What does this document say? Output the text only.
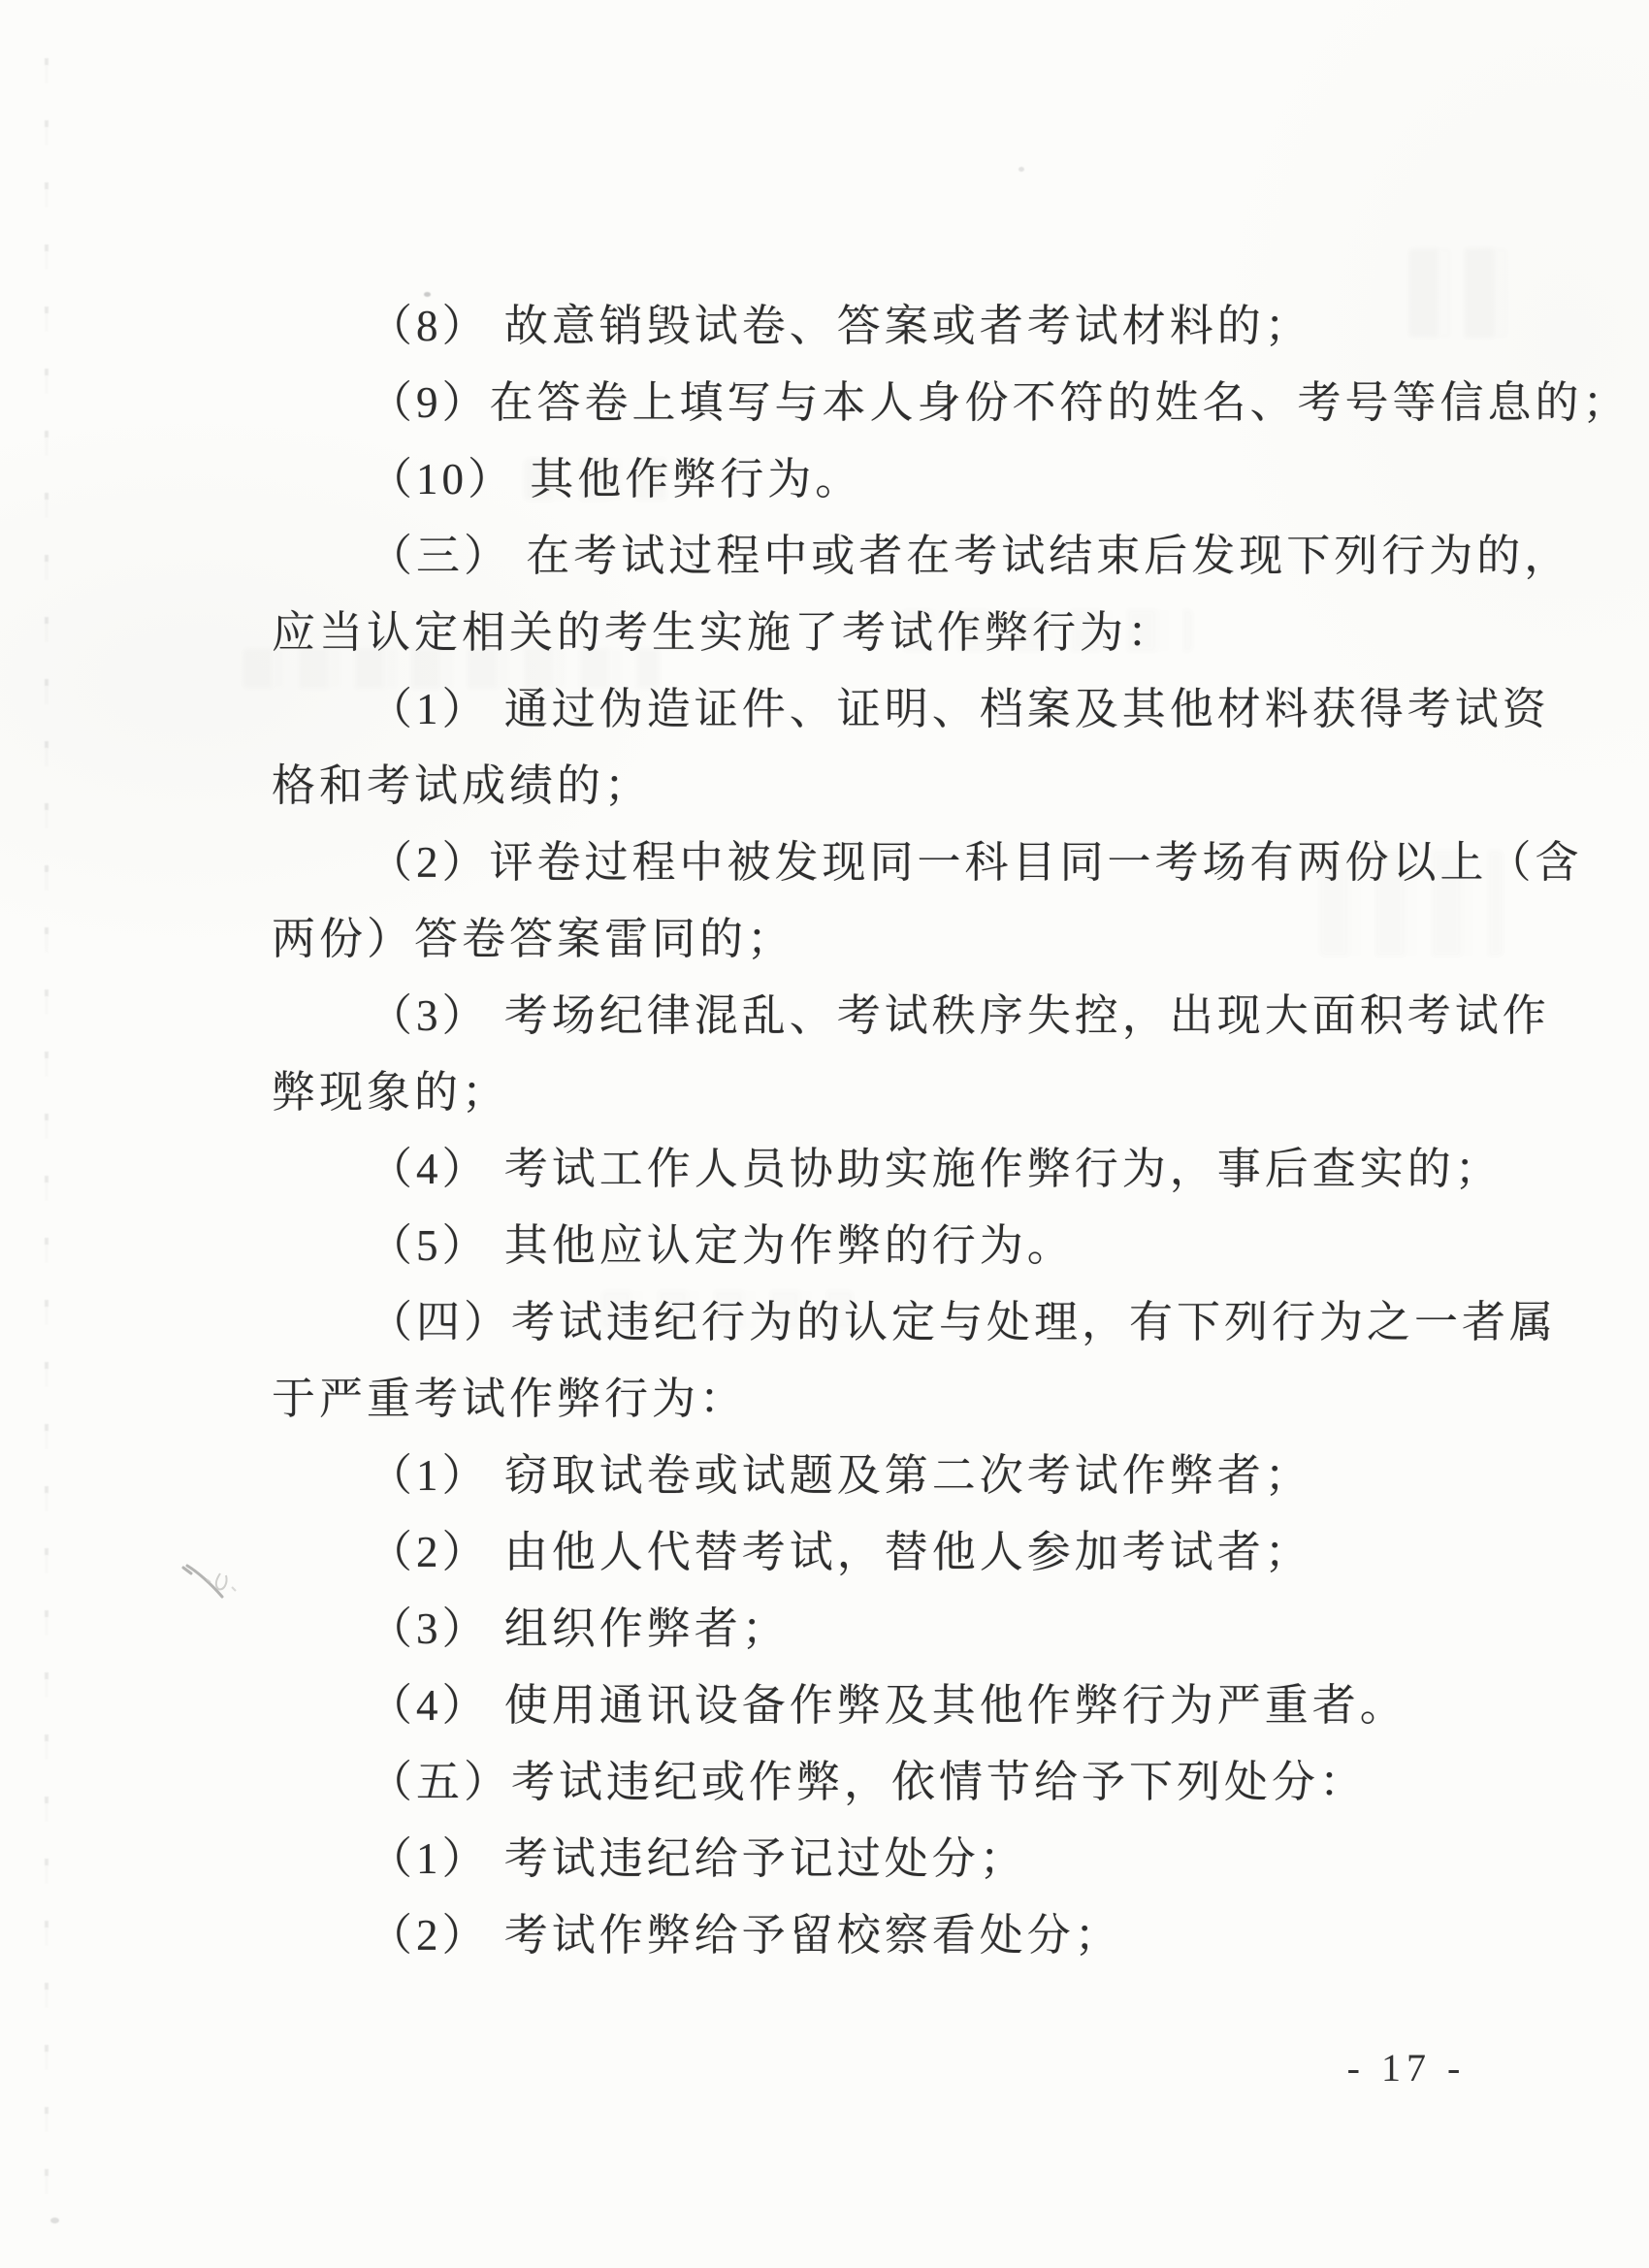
（8） 故意销毁试卷、答案或者考试材料的；
（9）在答卷上填写与本人身份不符的姓名、考号等信息的；
（10） 其他作弊行为。
（三） 在考试过程中或者在考试结束后发现下列行为的，
应当认定相关的考生实施了考试作弊行为：
（1） 通过伪造证件、证明、档案及其他材料获得考试资
格和考试成绩的；
（2）评卷过程中被发现同一科目同一考场有两份以上（含
两份）答卷答案雷同的；
（3） 考场纪律混乱、考试秩序失控，出现大面积考试作
弊现象的；
（4） 考试工作人员协助实施作弊行为，事后查实的；
（5） 其他应认定为作弊的行为。
（四）考试违纪行为的认定与处理，有下列行为之一者属
于严重考试作弊行为：
（1） 窃取试卷或试题及第二次考试作弊者；
（2） 由他人代替考试，替他人参加考试者；
（3） 组织作弊者；
（4） 使用通讯设备作弊及其他作弊行为严重者。
（五）考试违纪或作弊，依情节给予下列处分：
（1） 考试违纪给予记过处分；
（2） 考试作弊给予留校察看处分；
- 17 -
